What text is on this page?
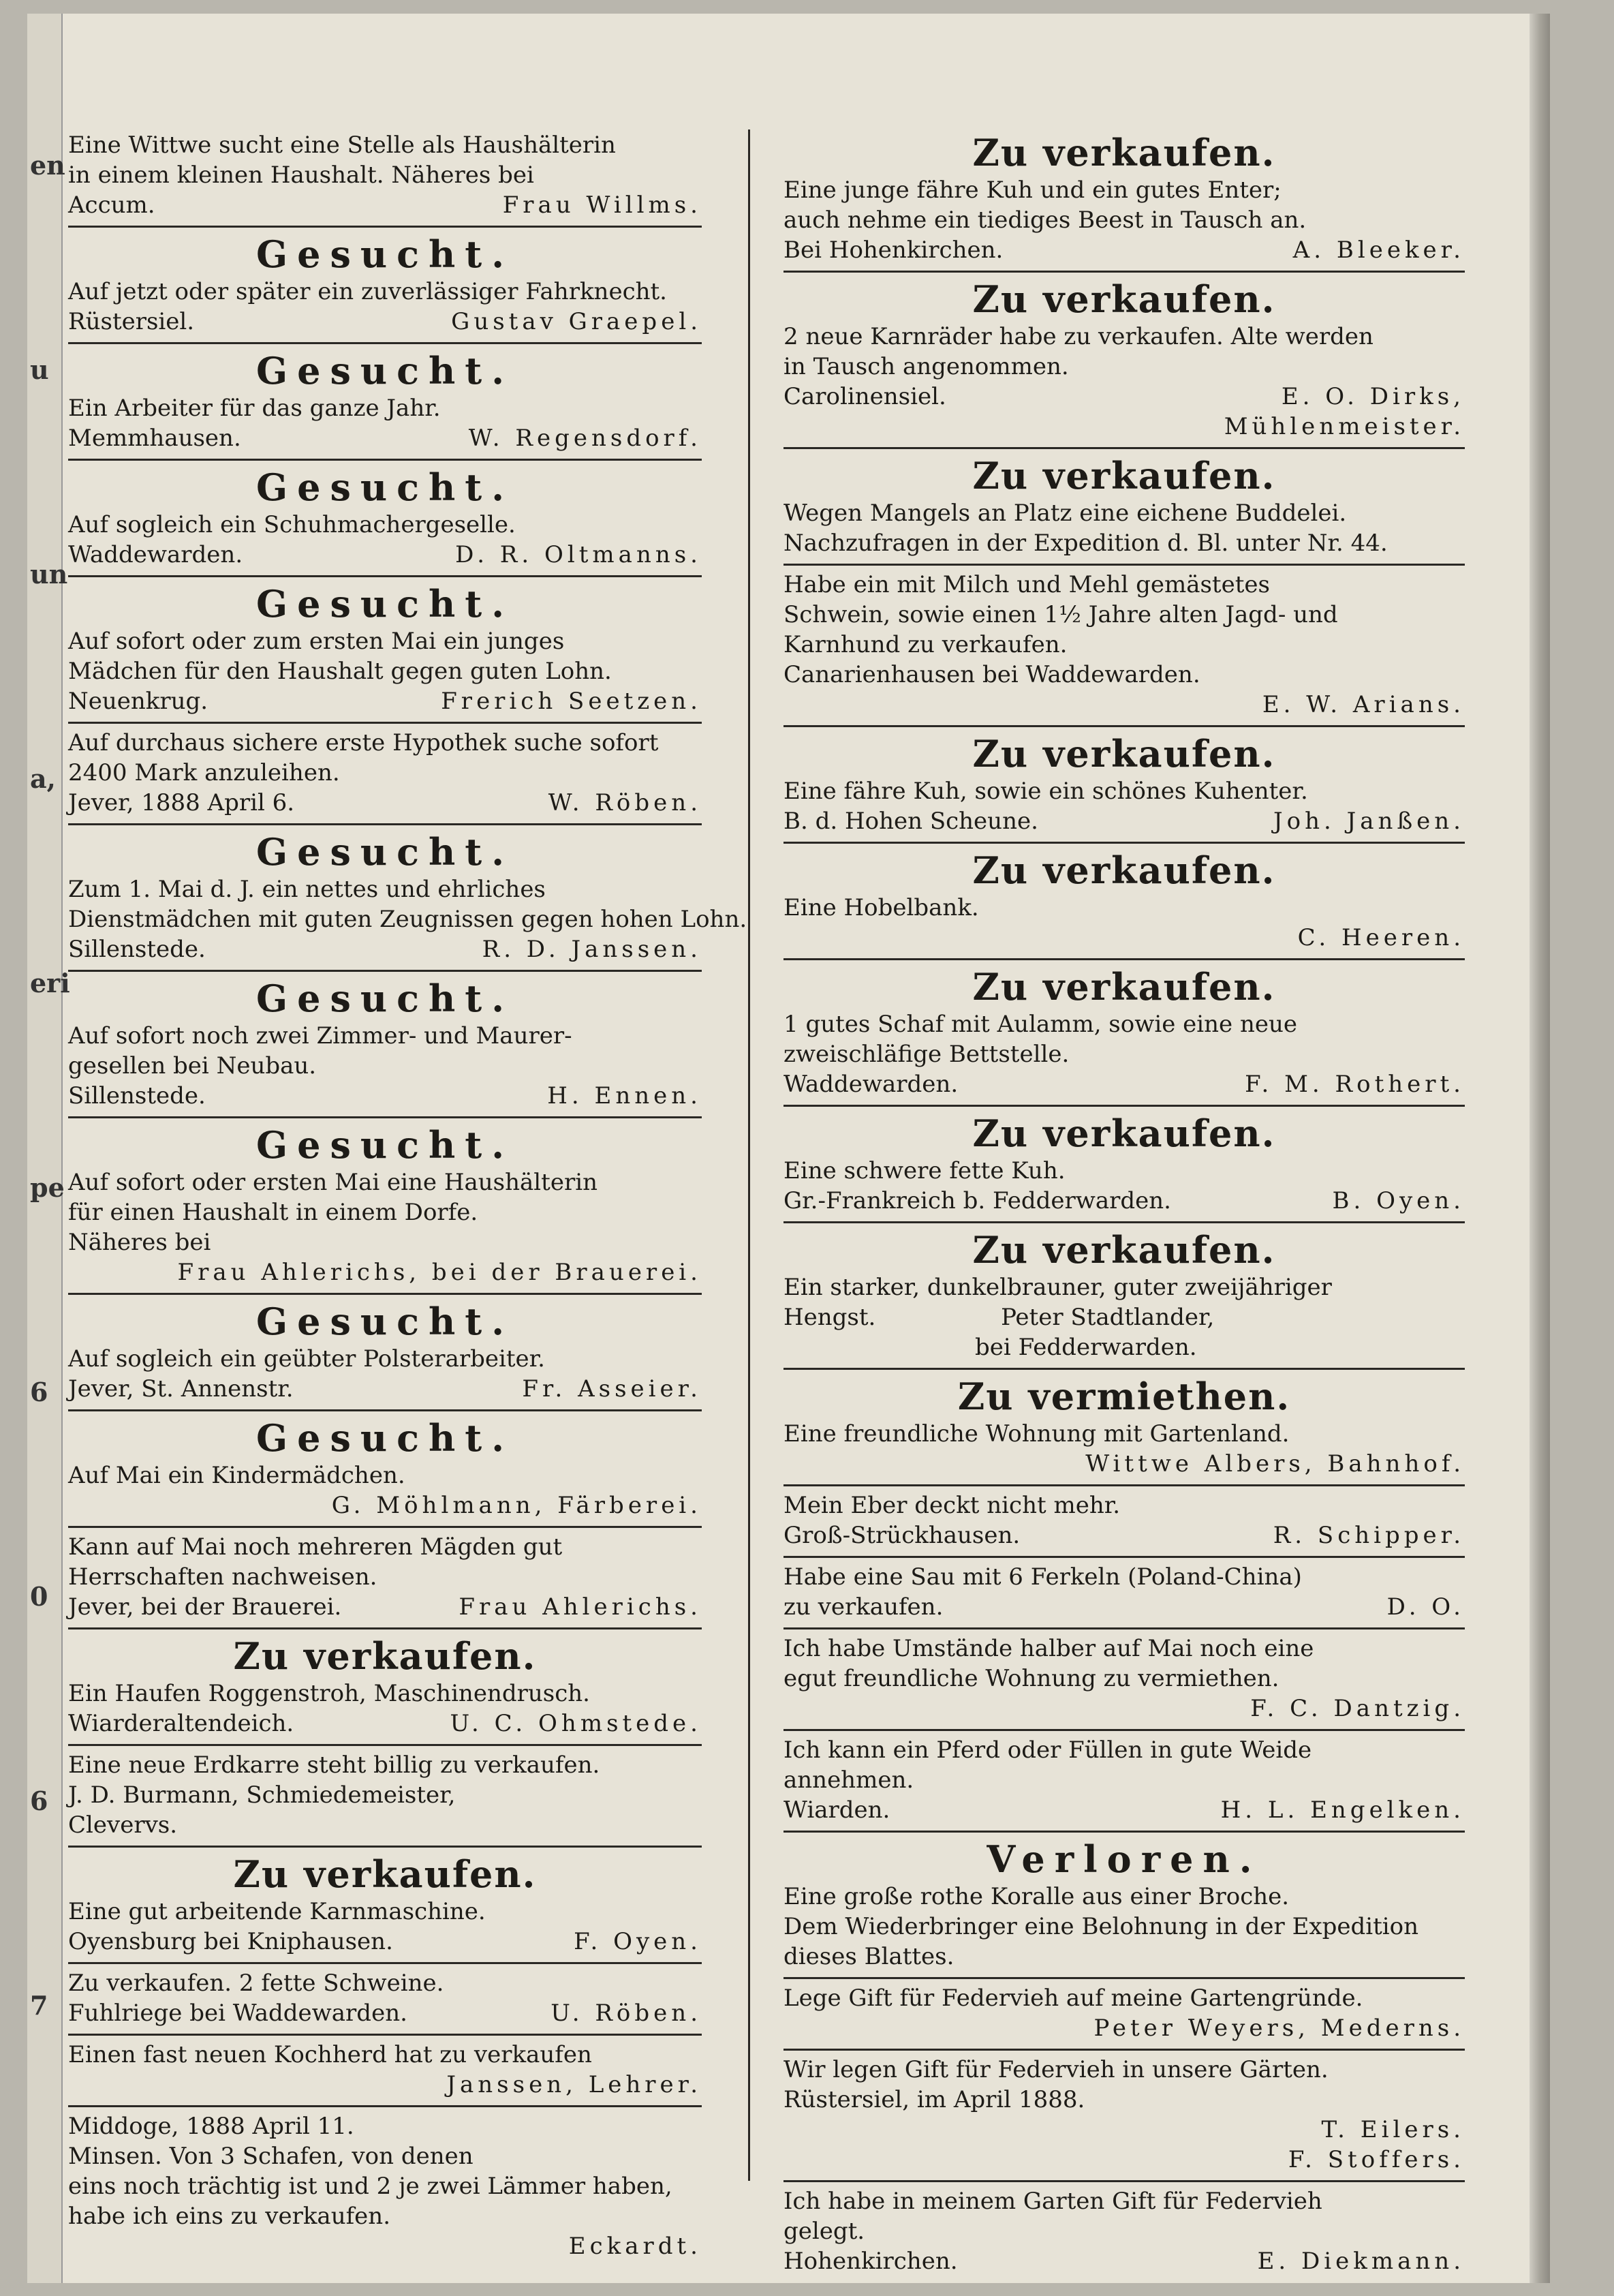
en
u
un
a,
eri
pe
6
0
6
7
Eine Wittwe sucht eine Stelle als Haushälterin
in einem kleinen Haushalt. Näheres bei
Accum.	Frau Willms.
Gesucht.
Auf jetzt oder später ein zuverlässiger Fahrknecht.
Rüstersiel.	Gustav Graepel.
Gesucht.
Ein Arbeiter für das ganze Jahr.
Memmhausen.	W. Regensdorf.
Gesucht.
Auf sogleich ein Schuhmachergeselle.
Waddewarden.	D. R. Oltmanns.
Gesucht.
Auf sofort oder zum ersten Mai ein junges
Mädchen für den Haushalt gegen guten Lohn.
Neuenkrug.	Frerich Seetzen.
Auf durchaus sichere erste Hypothek suche sofort
2400 Mark anzuleihen.
Jever, 1888 April 6.	W. Röben.
Gesucht.
Zum 1. Mai d. J. ein nettes und ehrliches
Dienstmädchen mit guten Zeugnissen gegen hohen Lohn.
Sillenstede.	R. D. Janssen.
Gesucht.
Auf sofort noch zwei Zimmer- und Maurer-
gesellen bei Neubau.
Sillenstede.	H. Ennen.
Gesucht.
Auf sofort oder ersten Mai eine Haushälterin
für einen Haushalt in einem Dorfe.
Näheres bei
Frau Ahlerichs, bei der Brauerei.
Gesucht.
Auf sogleich ein geübter Polsterarbeiter.
Jever, St. Annenstr.	Fr. Asseier.
Gesucht.
Auf Mai ein Kindermädchen.
G. Möhlmann, Färberei.
Kann auf Mai noch mehreren Mägden gut
Herrschaften nachweisen.
Jever, bei der Brauerei.	Frau Ahlerichs.
Zu verkaufen.
Ein Haufen Roggenstroh, Maschinendrusch.
Wiarderaltendeich.	U. C. Ohmstede.
Eine neue Erdkarre steht billig zu verkaufen.
J. D. Burmann, Schmiedemeister,
Clevervs.
Zu verkaufen.
Eine gut arbeitende Karnmaschine.
Oyensburg bei Kniphausen.	F. Oyen.
Zu verkaufen. 2 fette Schweine.
Fuhlriege bei Waddewarden.	U. Röben.
Einen fast neuen Kochherd hat zu verkaufen
Janssen, Lehrer.
Middoge, 1888 April 11.
Minsen. Von 3 Schafen, von denen
eins noch trächtig ist und 2 je zwei Lämmer haben,
habe ich eins zu verkaufen.
Eckardt.
Zu verkaufen.
Eine junge fähre Kuh und ein gutes Enter;
auch nehme ein tiediges Beest in Tausch an.
Bei Hohenkirchen.	A. Bleeker.
Zu verkaufen.
2 neue Karnräder habe zu verkaufen. Alte werden
in Tausch angenommen.
Carolinensiel.	E. O. Dirks,
Mühlenmeister.
Zu verkaufen.
Wegen Mangels an Platz eine eichene Buddelei.
Nachzufragen in der Expedition d. Bl. unter Nr. 44.
Habe ein mit Milch und Mehl gemästetes
Schwein, sowie einen 1½ Jahre alten Jagd- und
Karnhund zu verkaufen.
Canarienhausen bei Waddewarden.
E. W. Arians.
Zu verkaufen.
Eine fähre Kuh, sowie ein schönes Kuhenter.
B. d. Hohen Scheune.	Joh. Janßen.
Zu verkaufen.
Eine Hobelbank.
C. Heeren.
Zu verkaufen.
1 gutes Schaf mit Aulamm, sowie eine neue
zweischläfige Bettstelle.
Waddewarden.	F. M. Rothert.
Zu verkaufen.
Eine schwere fette Kuh.
Gr.-Frankreich b. Fedderwarden.	B. Oyen.
Zu verkaufen.
Ein starker, dunkelbrauner, guter zweijähriger
Hengst.                 Peter Stadtlander,
bei Fedderwarden.
Zu vermiethen.
Eine freundliche Wohnung mit Gartenland.
Wittwe Albers, Bahnhof.
Mein Eber deckt nicht mehr.
Groß-Strückhausen.	R. Schipper.
Habe eine Sau mit 6 Ferkeln (Poland-China)
zu verkaufen.	D. O.
Ich habe Umstände halber auf Mai noch eine
egut freundliche Wohnung zu vermiethen.
F. C. Dantzig.
Ich kann ein Pferd oder Füllen in gute Weide
annehmen.
Wiarden.	H. L. Engelken.
Verloren.
Eine große rothe Koralle aus einer Broche.
Dem Wiederbringer eine Belohnung in der Expedition
dieses Blattes.
Lege Gift für Federvieh auf meine Gartengründe.
Peter Weyers, Mederns.
Wir legen Gift für Federvieh in unsere Gärten.
Rüstersiel, im April 1888.
T. Eilers.
F. Stoffers.
Ich habe in meinem Garten Gift für Federvieh
gelegt.
Hohenkirchen.	E. Diekmann.
